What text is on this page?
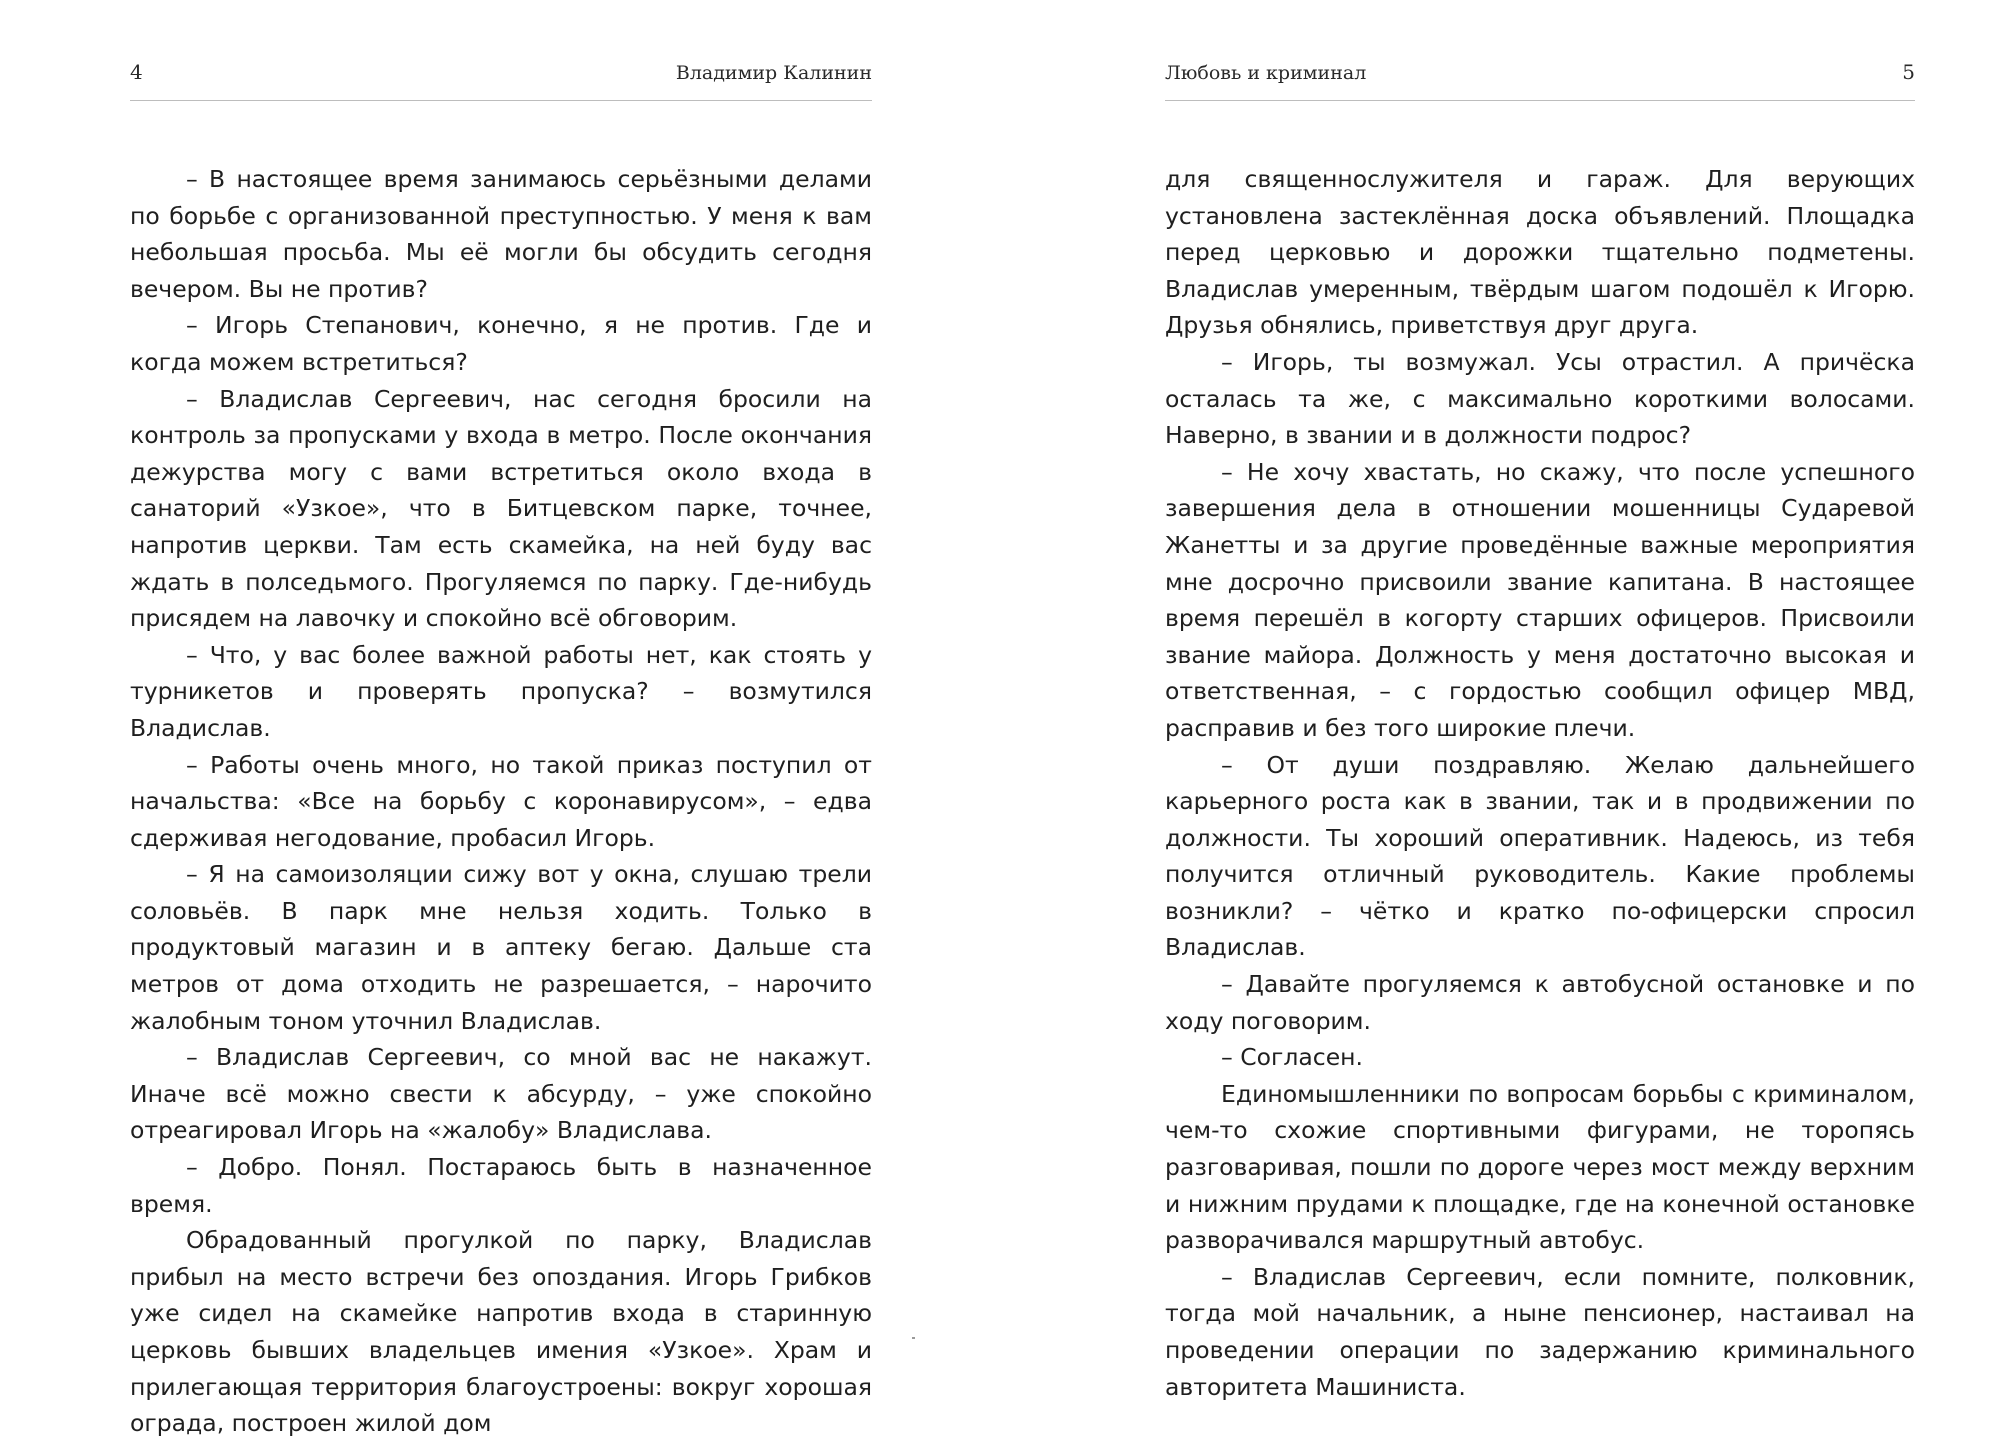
4	Владимир Калинин

– В настоящее время занимаюсь серьёзными делами по борьбе с организованной преступностью. У меня к вам небольшая просьба. Мы её могли бы обсудить сегодня вечером. Вы не против?

– Игорь Степанович, конечно, я не против. Где и когда можем встретиться?

– Владислав Сергеевич, нас сегодня бросили на контроль за пропусками у входа в метро. После окончания дежурства могу с вами встретиться около входа в санаторий «Узкое», что в Битцевском парке, точнее, напротив церкви. Там есть скамейка, на ней буду вас ждать в полседьмого. Прогуляемся по парку. Где-нибудь присядем на лавочку и спокойно всё обговорим.

– Что, у вас более важной работы нет, как стоять у турникетов и проверять пропуска? – возмутился Владислав.

– Работы очень много, но такой приказ поступил от начальства: «Все на борьбу с коронавирусом», – едва сдерживая негодование, пробасил Игорь.

– Я на самоизоляции сижу вот у окна, слушаю трели соловьёв. В парк мне нельзя ходить. Только в продуктовый магазин и в аптеку бегаю. Дальше ста метров от дома отходить не разрешается, – нарочито жалобным тоном уточнил Владислав.

– Владислав Сергеевич, со мной вас не накажут. Иначе всё можно свести к абсурду, – уже спокойно отреагировал Игорь на «жалобу» Владислава.

– Добро. Понял. Постараюсь быть в назначенное время.

Обрадованный прогулкой по парку, Владислав прибыл на место встречи без опоздания. Игорь Грибков уже сидел на скамейке напротив входа в старинную церковь бывших владельцев имения «Узкое». Храм и прилегающая территория благоустроены: вокруг хорошая ограда, построен жилой дом

Любовь и криминал	5

для священнослужителя и гараж. Для верующих установлена застеклённая доска объявлений. Площадка перед церковью и дорожки тщательно подметены. Владислав умеренным, твёрдым шагом подошёл к Игорю. Друзья обнялись, приветствуя друг друга.

– Игорь, ты возмужал. Усы отрастил. А причёска осталась та же, с максимально короткими волосами. Наверно, в звании и в должности подрос?

– Не хочу хвастать, но скажу, что после успешного завершения дела в отношении мошенницы Сударевой Жанетты и за другие проведённые важные мероприятия мне досрочно присвоили звание капитана. В настоящее время перешёл в когорту старших офицеров. Присвоили звание майора. Должность у меня достаточно высокая и ответственная, – с гордостью сообщил офицер МВД, расправив и без того широкие плечи.

– От души поздравляю. Желаю дальнейшего карьерного роста как в звании, так и в продвижении по должности. Ты хороший оперативник. Надеюсь, из тебя получится отличный руководитель. Какие проблемы возникли? – чётко и кратко по-офицерски спросил Владислав.

– Давайте прогуляемся к автобусной остановке и по ходу поговорим.

– Согласен.

Единомышленники по вопросам борьбы с криминалом, чем-то схожие спортивными фигурами, не торопясь разговаривая, пошли по дороге через мост между верхним и нижним прудами к площадке, где на конечной остановке разворачивался маршрутный автобус.

– Владислав Сергеевич, если помните, полковник, тогда мой начальник, а ныне пенсионер, настаивал на проведении операции по задержанию криминального авторитета Машиниста.
